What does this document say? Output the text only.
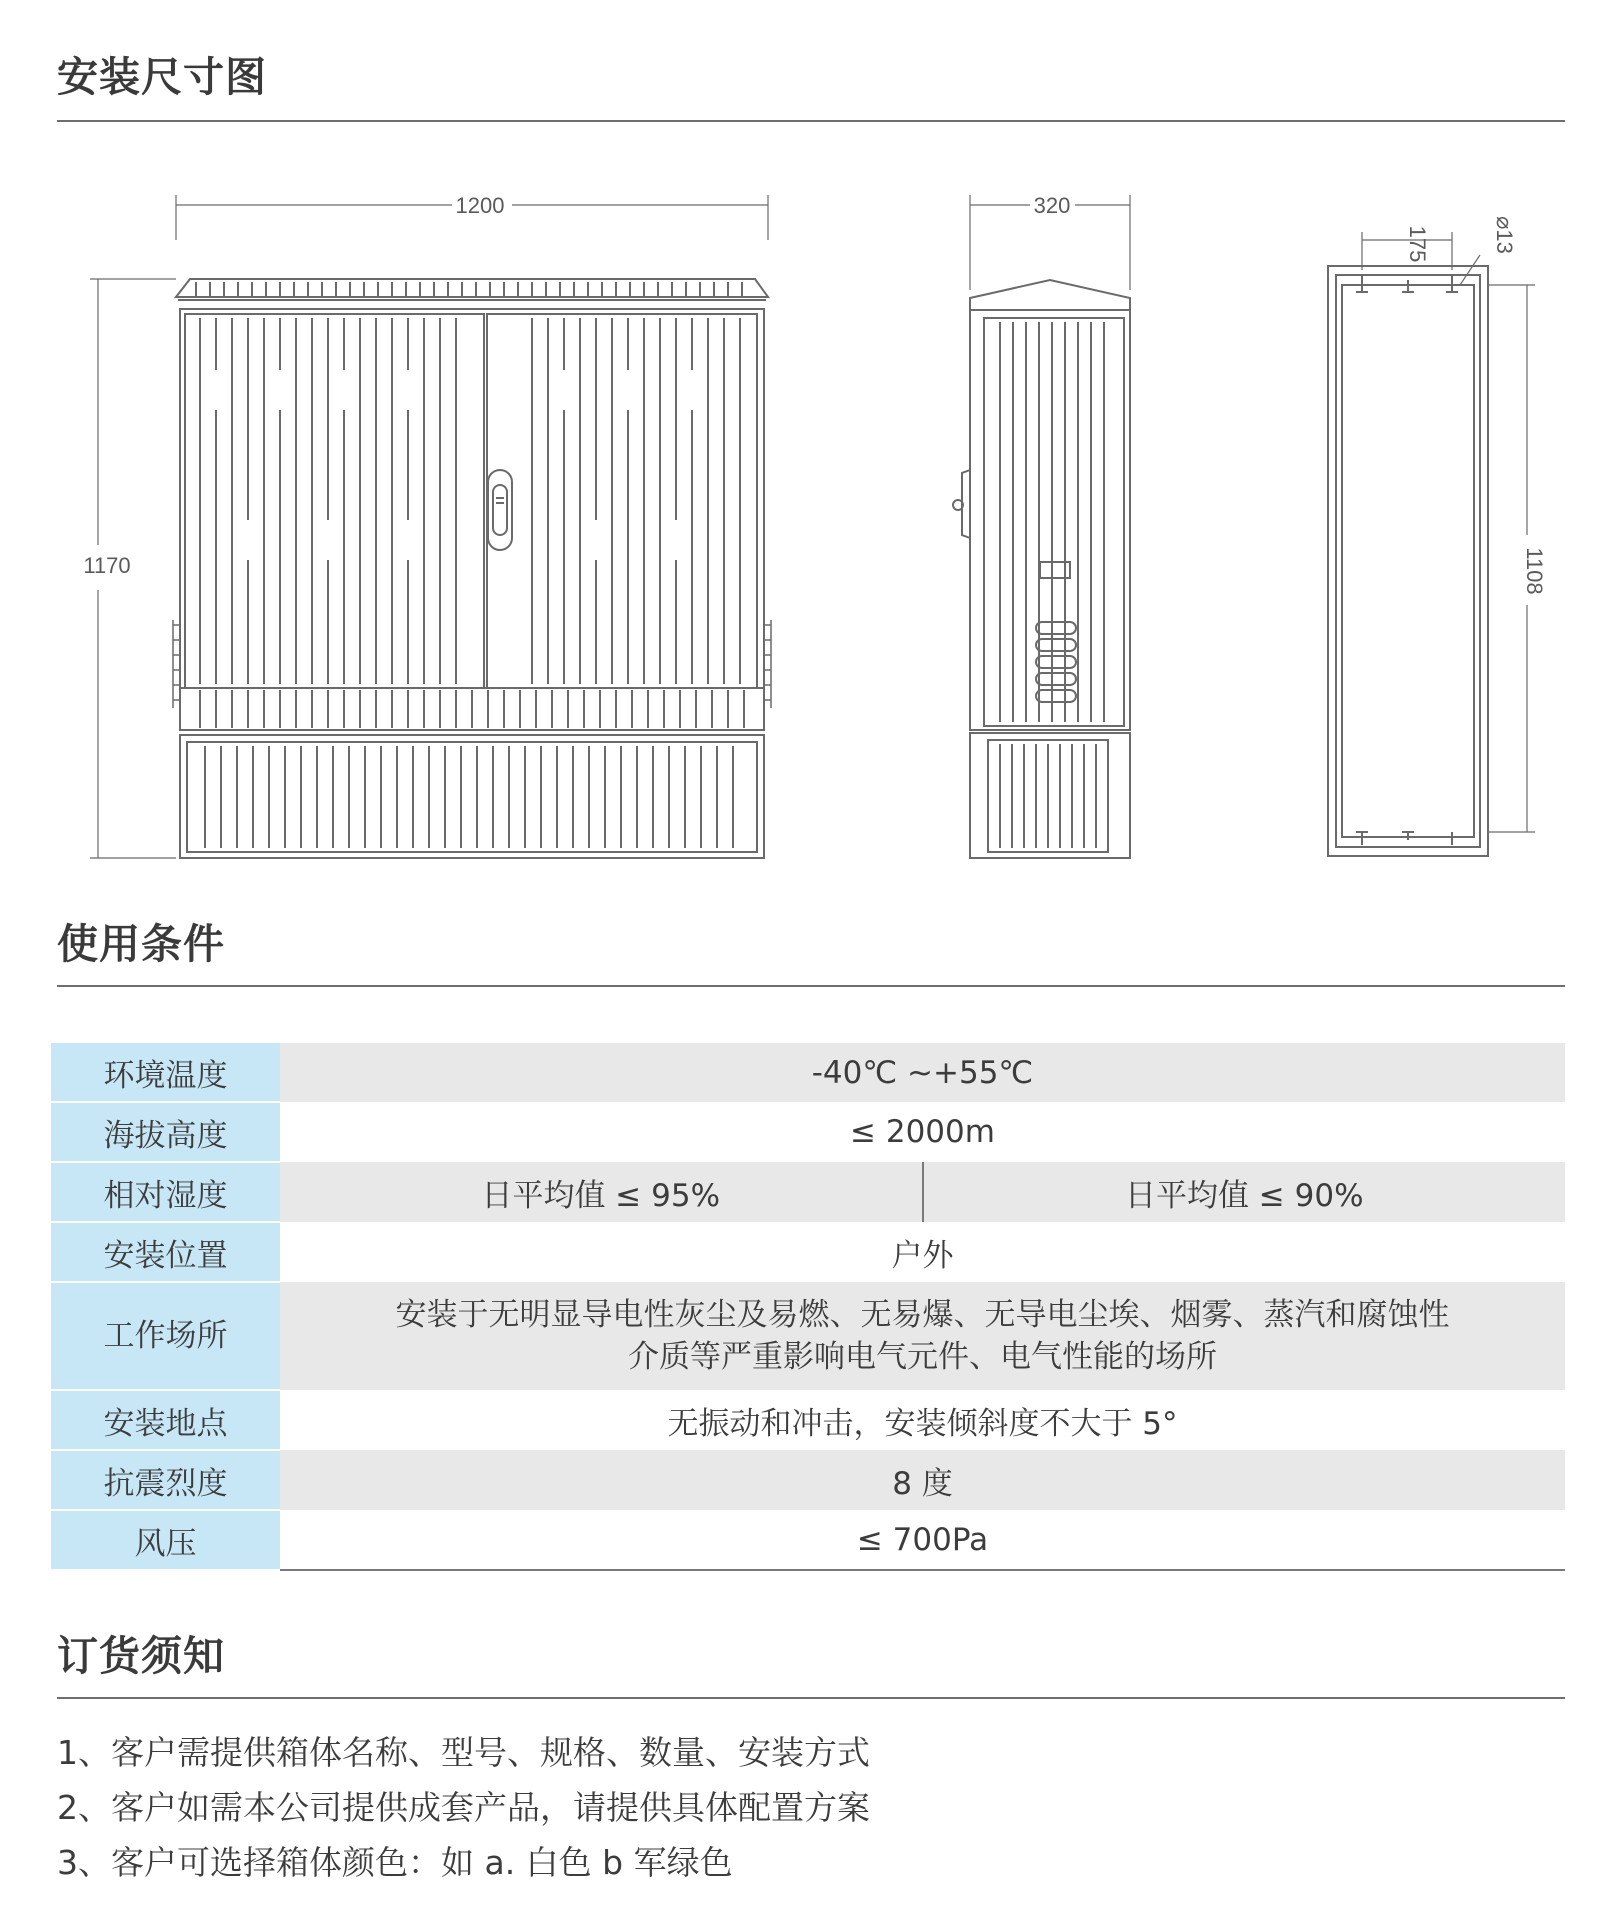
安装尺寸图
1200
1170
320
175	⌀13
1108
使用条件
环境温度	-40℃ ~+55℃	
海拔高度	≤ 2000m	
相对湿度	日平均值 ≤ 95%	日平均值 ≤ 90%
安装位置	户外	
工作场所	安装于无明显导电性灰尘及易燃、无易爆、无导电尘埃、烟雾、蒸汽和腐蚀性
介质等严重影响电气元件、电气性能的场所	

安装地点	无振动和冲击，安装倾斜度不大于 5°	
抗震烈度	8 度	
风压	≤ 700Pa	
订货须知
1、客户需提供箱体名称、型号、规格、数量、安装方式
2、客户如需本公司提供成套产品，请提供具体配置方案
3、客户可选择箱体颜色：如 a. 白色 b 军绿色
